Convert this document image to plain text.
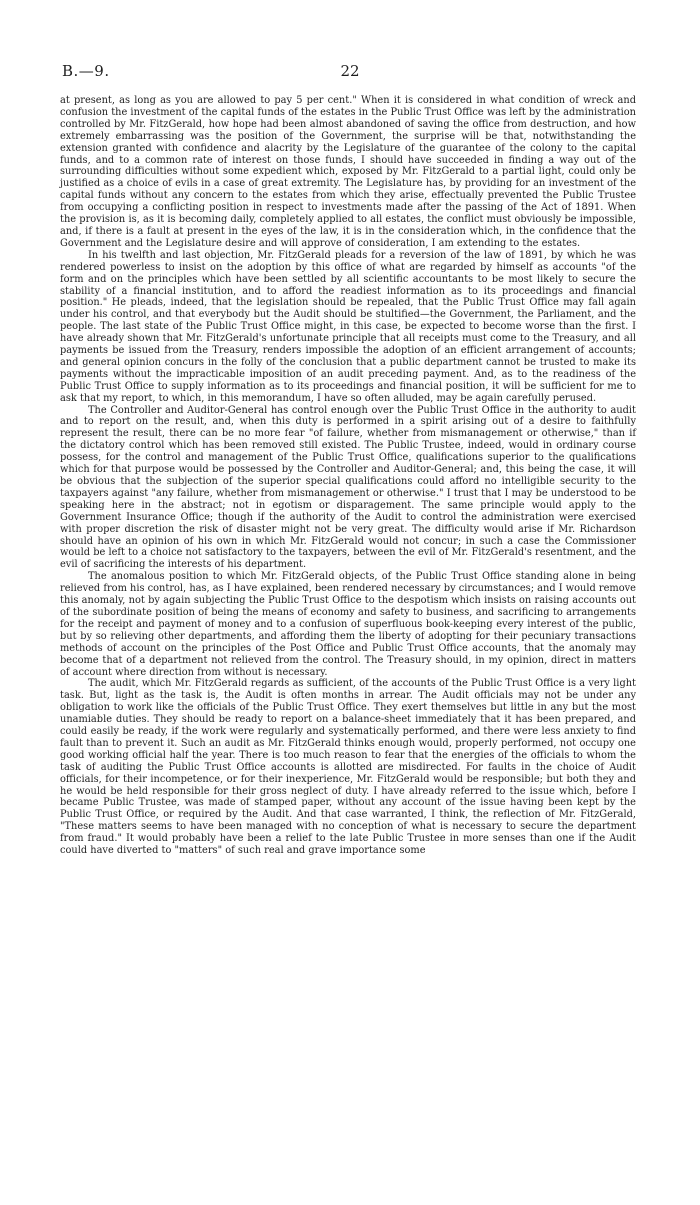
B.—9.	22

at present, as long as you are allowed to pay 5 per cent." When it is considered in what condition of wreck and confusion the investment of the capital funds of the estates in the Public Trust Office was left by the administration controlled by Mr. FitzGerald, how hope had been almost abandoned of saving the office from destruction, and how extremely embarrassing was the position of the Government, the surprise will be that, notwithstanding the extension granted with confidence and alacrity by the Legislature of the guarantee of the colony to the capital funds, and to a common rate of interest on those funds, I should have succeeded in finding a way out of the surrounding difficulties without some expedient which, exposed by Mr. FitzGerald to a partial light, could only be justified as a choice of evils in a case of great extremity. The Legislature has, by providing for an investment of the capital funds without any concern to the estates from which they arise, effectually prevented the Public Trustee from occupying a conflicting position in respect to investments made after the passing of the Act of 1891. When the provision is, as it is becoming daily, completely applied to all estates, the conflict must obviously be impossible, and, if there is a fault at present in the eyes of the law, it is in the consideration which, in the confidence that the Government and the Legislature desire and will approve of consideration, I am extending to the estates.

In his twelfth and last objection, Mr. FitzGerald pleads for a reversion of the law of 1891, by which he was rendered powerless to insist on the adoption by this office of what are regarded by himself as accounts "of the form and on the principles which have been settled by all scientific accountants to be most likely to secure the stability of a financial institution, and to afford the readiest information as to its proceedings and financial position." He pleads, indeed, that the legislation should be repealed, that the Public Trust Office may fall again under his control, and that everybody but the Audit should be stultified—the Government, the Parliament, and the people. The last state of the Public Trust Office might, in this case, be expected to become worse than the first. I have already shown that Mr. FitzGerald's unfortunate principle that all receipts must come to the Treasury, and all payments be issued from the Treasury, renders impossible the adoption of an efficient arrangement of accounts; and general opinion concurs in the folly of the conclusion that a public department cannot be trusted to make its payments without the impracticable imposition of an audit preceding payment. And, as to the readiness of the Public Trust Office to supply information as to its proceedings and financial position, it will be sufficient for me to ask that my report, to which, in this memorandum, I have so often alluded, may be again carefully perused.

The Controller and Auditor-General has control enough over the Public Trust Office in the authority to audit and to report on the result, and, when this duty is performed in a spirit arising out of a desire to faithfully represent the result, there can be no more fear "of failure, whether from mismanagement or otherwise," than if the dictatory control which has been removed still existed. The Public Trustee, indeed, would in ordinary course possess, for the control and management of the Public Trust Office, qualifications superior to the qualifications which for that purpose would be possessed by the Controller and Auditor-General; and, this being the case, it will be obvious that the subjection of the superior special qualifications could afford no intelligible security to the taxpayers against "any failure, whether from mismanagement or otherwise." I trust that I may be understood to be speaking here in the abstract; not in egotism or disparagement. The same principle would apply to the Government Insurance Office; though if the authority of the Audit to control the administration were exercised with proper discretion the risk of disaster might not be very great. The difficulty would arise if Mr. Richardson should have an opinion of his own in which Mr. FitzGerald would not concur; in such a case the Commissioner would be left to a choice not satisfactory to the taxpayers, between the evil of Mr. FitzGerald's resentment, and the evil of sacrificing the interests of his department.

The anomalous position to which Mr. FitzGerald objects, of the Public Trust Office standing alone in being relieved from his control, has, as I have explained, been rendered necessary by circumstances; and I would remove this anomaly, not by again subjecting the Public Trust Office to the despotism which insists on raising accounts out of the subordinate position of being the means of economy and safety to business, and sacrificing to arrangements for the receipt and payment of money and to a confusion of superfluous book-keeping every interest of the public, but by so relieving other departments, and affording them the liberty of adopting for their pecuniary transactions methods of account on the principles of the Post Office and Public Trust Office accounts, that the anomaly may become that of a department not relieved from the control. The Treasury should, in my opinion, direct in matters of account where direction from without is necessary.

The audit, which Mr. FitzGerald regards as sufficient, of the accounts of the Public Trust Office is a very light task. But, light as the task is, the Audit is often months in arrear. The Audit officials may not be under any obligation to work like the officials of the Public Trust Office. They exert themselves but little in any but the most unamiable duties. They should be ready to report on a balance-sheet immediately that it has been prepared, and could easily be ready, if the work were regularly and systematically performed, and there were less anxiety to find fault than to prevent it. Such an audit as Mr. FitzGerald thinks enough would, properly performed, not occupy one good working official half the year. There is too much reason to fear that the energies of the officials to whom the task of auditing the Public Trust Office accounts is allotted are misdirected. For faults in the choice of Audit officials, for their incompetence, or for their inexperience, Mr. FitzGerald would be responsible; but both they and he would be held responsible for their gross neglect of duty. I have already referred to the issue which, before I became Public Trustee, was made of stamped paper, without any account of the issue having been kept by the Public Trust Office, or required by the Audit. And that case warranted, I think, the reflection of Mr. FitzGerald, "These matters seems to have been managed with no conception of what is necessary to secure the department from fraud." It would probably have been a relief to the late Public Trustee in more senses than one if the Audit could have diverted to "matters" of such real and grave importance some
